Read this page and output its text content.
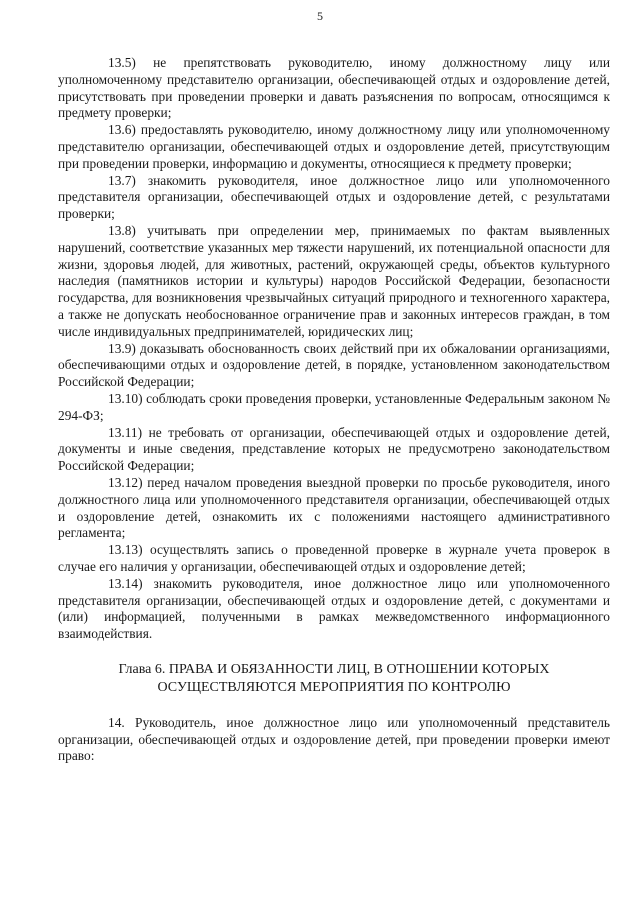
5

13.5) не препятствовать руководителю, иному должностному лицу или уполномоченному представителю организации, обеспечивающей отдых и оздоровление детей, присутствовать при проведении проверки и давать разъяснения по вопросам, относящимся к предмету проверки;

13.6) предоставлять руководителю, иному должностному лицу или уполномоченному представителю организации, обеспечивающей отдых и оздоровление детей, присутствующим при проведении проверки, информацию и документы, относящиеся к предмету проверки;

13.7) знакомить руководителя, иное должностное лицо или уполномоченного представителя организации, обеспечивающей отдых и оздоровление детей, с результатами проверки;

13.8) учитывать при определении мер, принимаемых по фактам выявленных нарушений, соответствие указанных мер тяжести нарушений, их потенциальной опасности для жизни, здоровья людей, для животных, растений, окружающей среды, объектов культурного наследия (памятников истории и культуры) народов Российской Федерации, безопасности государства, для возникновения чрезвычайных ситуаций природного и техногенного характера, а также не допускать необоснованное ограничение прав и законных интересов граждан, в том числе индивидуальных предпринимателей, юридических лиц;

13.9) доказывать обоснованность своих действий при их обжаловании организациями, обеспечивающими отдых и оздоровление детей, в порядке, установленном законодательством Российской Федерации;

13.10) соблюдать сроки проведения проверки, установленные Федеральным законом № 294-ФЗ;

13.11) не требовать от организации, обеспечивающей отдых и оздоровление детей, документы и иные сведения, представление которых не предусмотрено законодательством Российской Федерации;

13.12) перед началом проведения выездной проверки по просьбе руководителя, иного должностного лица или уполномоченного представителя организации, обеспечивающей отдых и оздоровление детей, ознакомить их с положениями настоящего административного регламента;

13.13) осуществлять запись о проведенной проверке в журнале учета проверок в случае его наличия у организации, обеспечивающей отдых и оздоровление детей;

13.14) знакомить руководителя, иное должностное лицо или уполномоченного представителя организации, обеспечивающей отдых и оздоровление детей, с документами и (или) информацией, полученными в рамках межведомственного информационного взаимодействия.

Глава 6. ПРАВА И ОБЯЗАННОСТИ ЛИЦ, В ОТНОШЕНИИ КОТОРЫХ
ОСУЩЕСТВЛЯЮТСЯ МЕРОПРИЯТИЯ ПО КОНТРОЛЮ

14. Руководитель, иное должностное лицо или уполномоченный представитель организации, обеспечивающей отдых и оздоровление детей, при проведении проверки имеют право:
